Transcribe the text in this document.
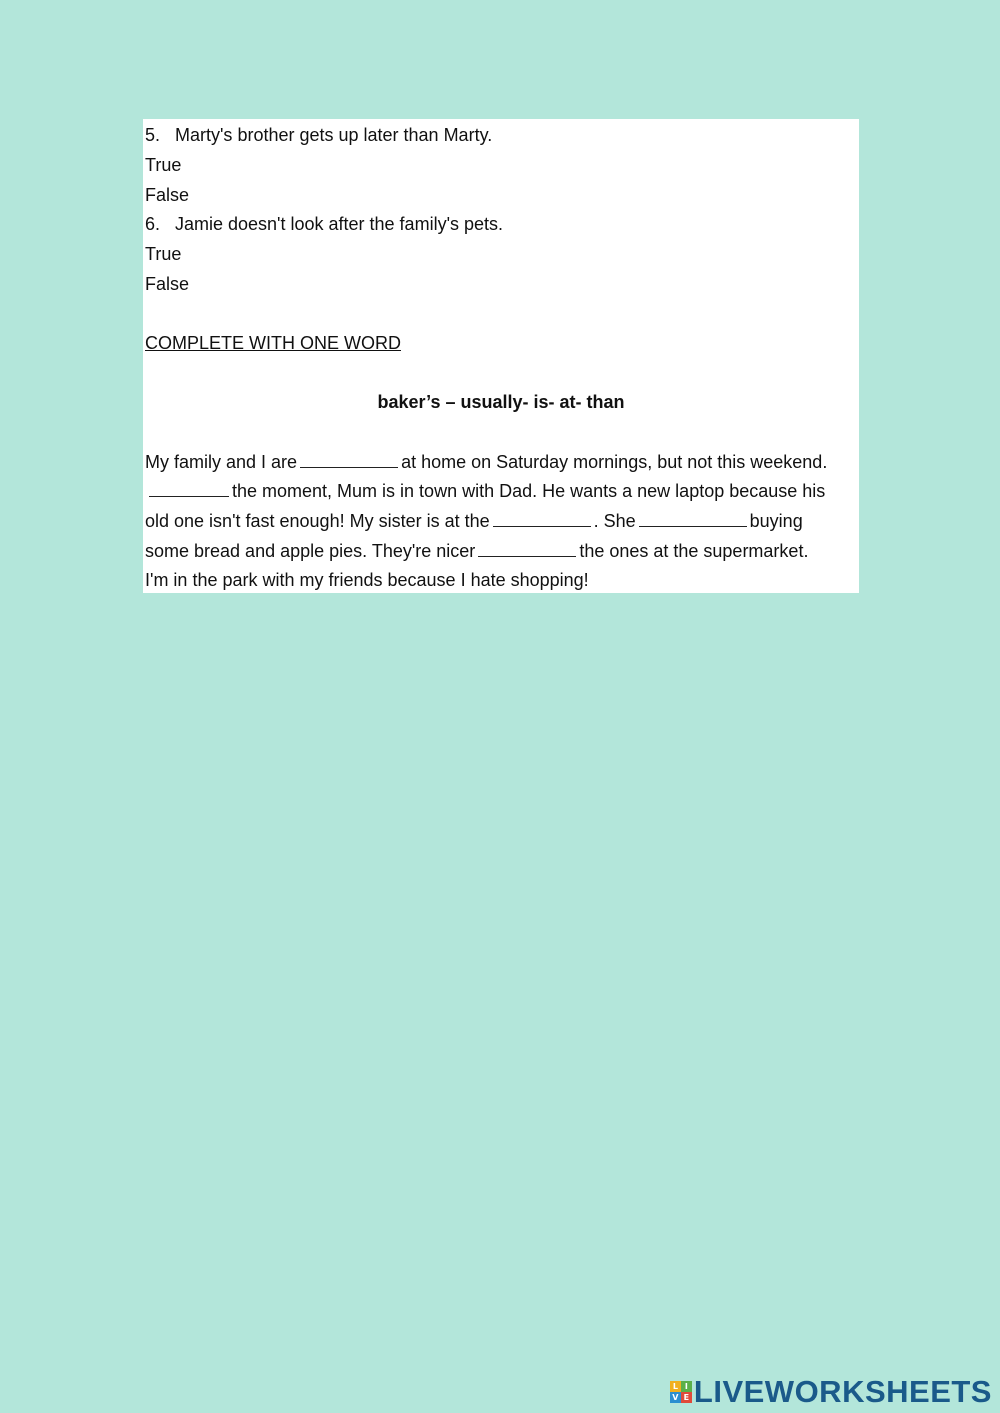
5. Marty's brother gets up later than Marty.
True
False
6. Jamie doesn't look after the family's pets.
True
False
COMPLETE WITH ONE WORD
baker’s – usually- is- at- than
My family and I are	at home on Saturday mornings, but not this weekend.
the moment, Mum is in town with Dad. He wants a new laptop because his
old one isn't fast enough! My sister is at the	. She	buying
some bread and apple pies. They're nicer	the ones at the supermarket.
I'm in the park with my friends because I hate shopping!
L I
V E LIVEWORKSHEETS
